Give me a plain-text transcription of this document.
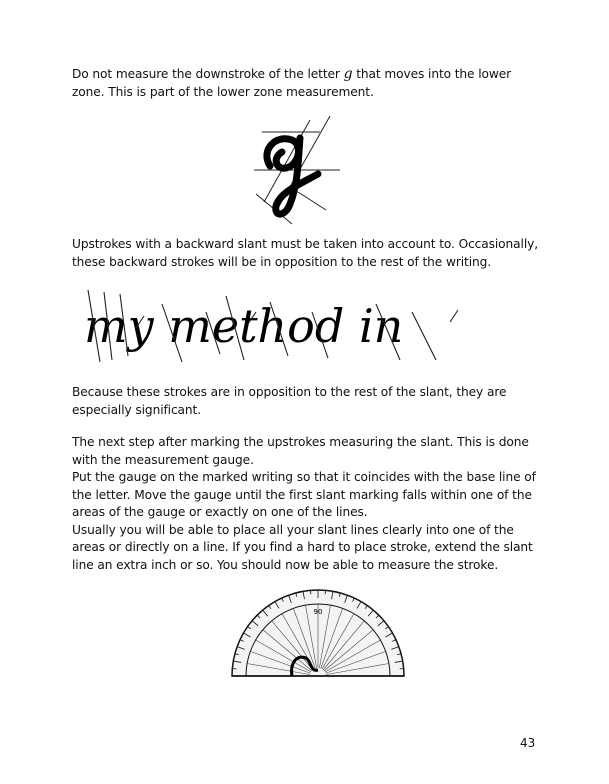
Do not measure the downstroke of the letter g that moves into the lower zone. This is part of the lower zone measurement.

Upstrokes with a backward slant must be taken into account to. Occasionally, these backward strokes will be in opposition to the rest of the writing.

my method in

Because these strokes are in opposition to the rest of the slant, they are especially significant.

The next step after marking the upstrokes measuring the slant. This is done with the measurement gauge.

Put the gauge on the marked writing so that it coincides with the base line of the letter. Move the gauge until the first slant marking falls within one of the areas of the gauge or exactly on one of the lines.

Usually you will be able to place all your slant lines clearly into one of the areas or directly on a line. If you find a hard to place stroke, extend the slant line an extra inch or so. You should now be able to measure the stroke.

90
43
